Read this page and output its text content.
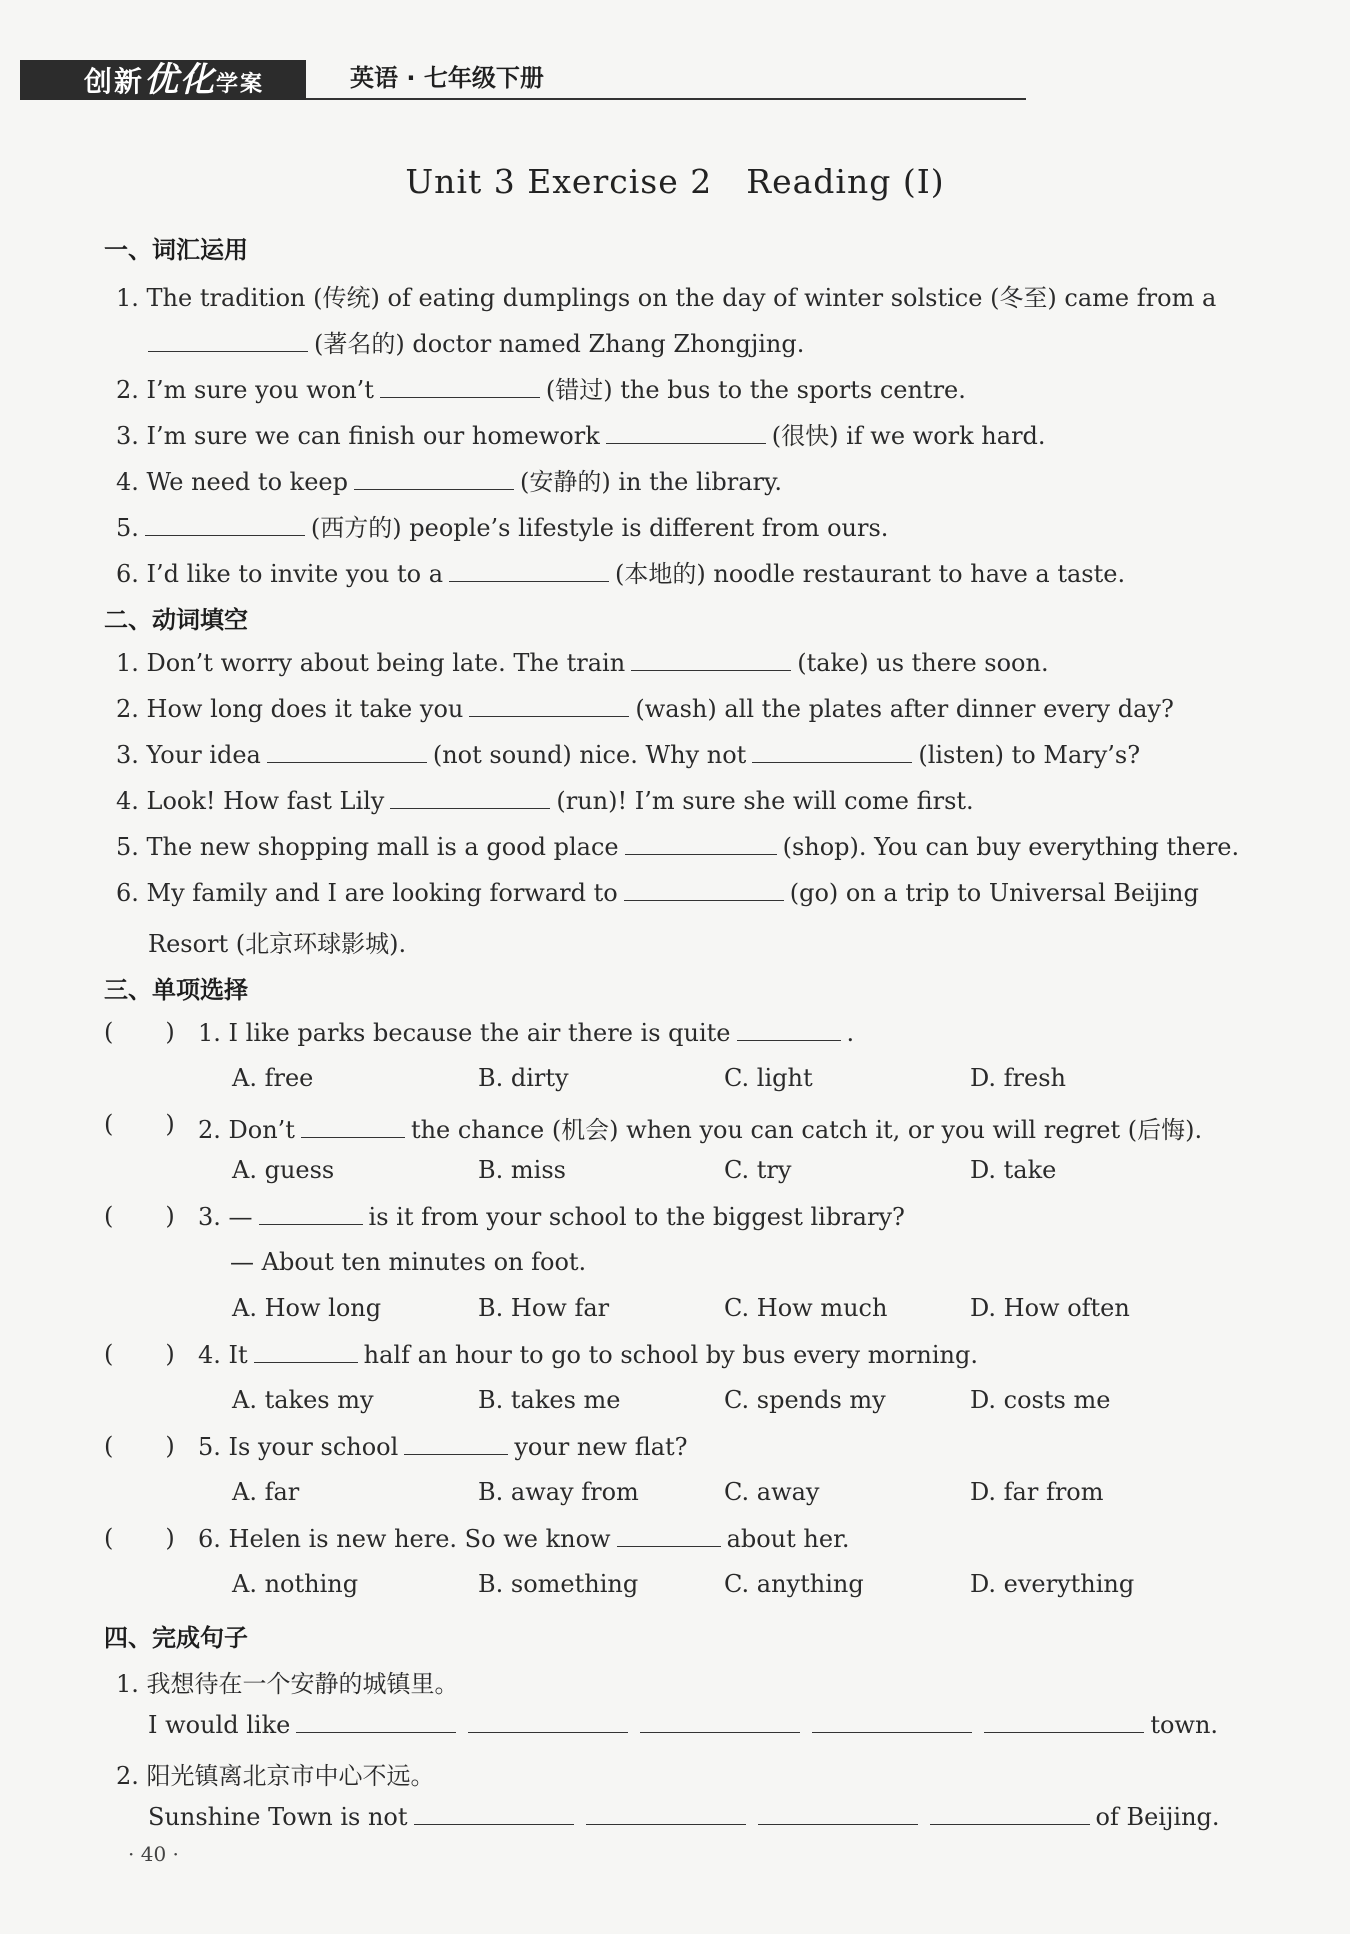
创新优化学案	英语 · 七年级下册
Unit 3 Exercise 2　Reading (Ⅰ)
一、词汇运用
1. The tradition (传统) of eating dumplings on the day of winter solstice (冬至) came from a
(著名的) doctor named Zhang Zhongjing.
2. I’m sure you won’t	(错过) the bus to the sports centre.
3. I’m sure we can finish our homework	(很快) if we work hard.
4. We need to keep	(安静的) in the library.
5.	(西方的) people’s lifestyle is different from ours.
6. I’d like to invite you to a	(本地的) noodle restaurant to have a taste.
二、动词填空
1. Don’t worry about being late. The train	(take) us there soon.
2. How long does it take you	(wash) all the plates after dinner every day?
3. Your idea	(not sound) nice. Why not	(listen) to Mary’s?
4. Look! How fast Lily	(run)! I’m sure she will come first.
5. The new shopping mall is a good place	(shop). You can buy everything there.
6. My family and I are looking forward to	(go) on a trip to Universal Beijing
Resort (北京环球影城).
三、单项选择
( ) 1. I like parks because the air there is quite	.
A. free	B. dirty	C. light	D. fresh
( ) 2. Don’t	the chance (机会) when you can catch it, or you will regret (后悔).
A. guess	B. miss	C. try	D. take
( ) 3. —	is it from your school to the biggest library?
— About ten minutes on foot.
A. How long	B. How far	C. How much	D. How often
( ) 4. It	half an hour to go to school by bus every morning.
A. takes my	B. takes me	C. spends my	D. costs me
( ) 5. Is your school	your new flat?
A. far	B. away from	C. away	D. far from
( ) 6. Helen is new here. So we know	about her.
A. nothing	B. something	C. anything	D. everything
四、完成句子
1. 我想待在一个安静的城镇里。
I would like	town.
2. 阳光镇离北京市中心不远。
Sunshine Town is not	of Beijing.
· 40 ·
